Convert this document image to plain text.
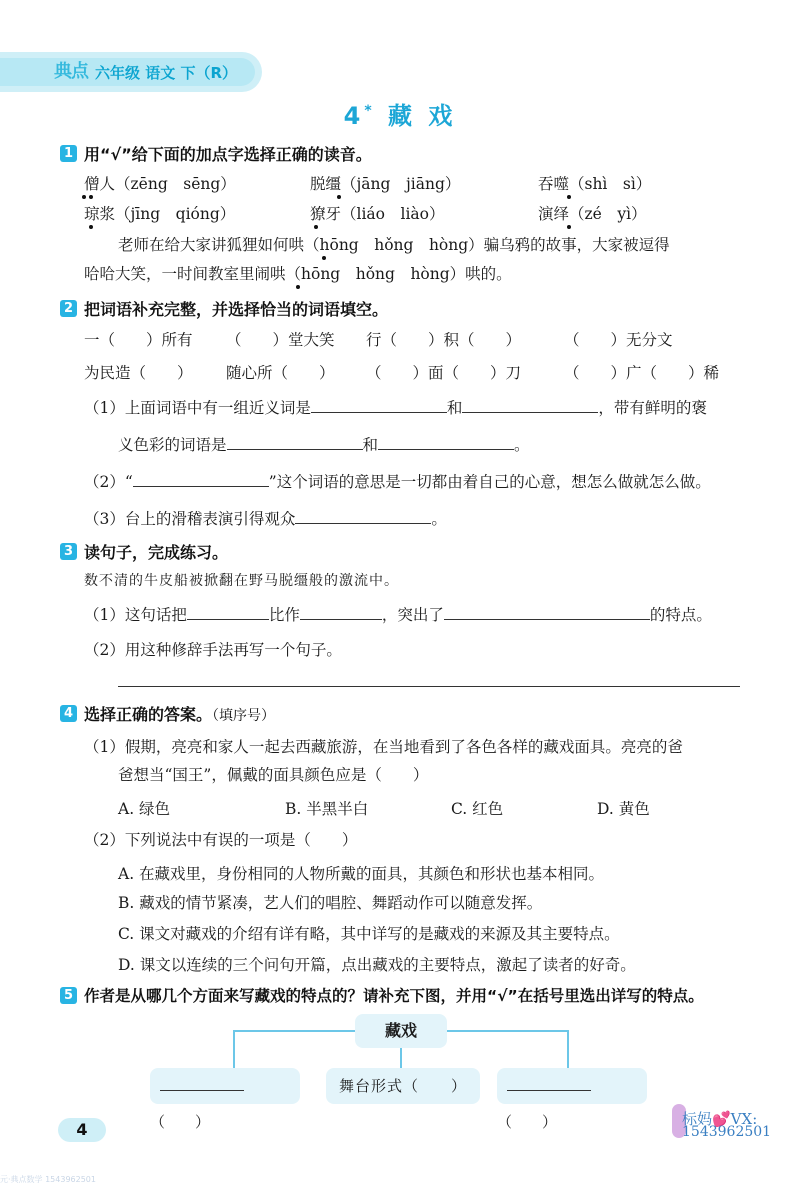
典点 六年级 语文 下（R）
4* 藏 戏
1 用“√”给下面的加点字选择正确的读音。
僧人（zēng　sēng）	脱缰（jāng　jiāng）	吞噬（shì　sì）
琼浆（jīng　qióng）	獠牙（liáo　liào）	演绎（zé　yì）
老师在给大家讲狐狸如何哄（hōng　hǒng　hòng）骗乌鸦的故事，大家被逗得
哈哈大笑，一时间教室里闹哄（hōng　hǒng　hòng）哄的。
2 把词语补充完整，并选择恰当的词语填空。
一（　　）所有 （　　）堂大笑 行（　　）积（　　）	（　　）无分文
为民造（　　） 随心所（　　） （　　）面（　　）刀	（　　）广（　　）稀
（1）上面词语中有一组近义词是	和	，带有鲜明的褒
义色彩的词语是	和	。
（2）“	”这个词语的意思是一切都由着自己的心意，想怎么做就怎么做。
（3）台上的滑稽表演引得观众	。
3 读句子，完成练习。
数不清的牛皮船被掀翻在野马脱缰般的激流中。
（1）这句话把	比作	，突出了	的特点。
（2）用这种修辞手法再写一个句子。
4 选择正确的答案。（填序号）
（1）假期，亮亮和家人一起去西藏旅游，在当地看到了各色各样的藏戏面具。亮亮的爸
爸想当“国王”，佩戴的面具颜色应是（　　）
A. 绿色	B. 半黑半白	C. 红色	D. 黄色
（2）下列说法中有误的一项是（　　）
A. 在藏戏里，身份相同的人物所戴的面具，其颜色和形状也基本相同。
B. 藏戏的情节紧凑，艺人们的唱腔、舞蹈动作可以随意发挥。
C. 课文对藏戏的介绍有详有略，其中详写的是藏戏的来源及其主要特点。
D. 课文以连续的三个问句开篇，点出藏戏的主要特点，激起了读者的好奇。
5 作者是从哪几个方面来写藏戏的特点的？请补充下图，并用“√”在括号里选出详写的特点。
藏戏
（　　）
舞台形式（　　）
（　　）
4
标妈💕VX:
1543962501
元·典点数学 1543962501
